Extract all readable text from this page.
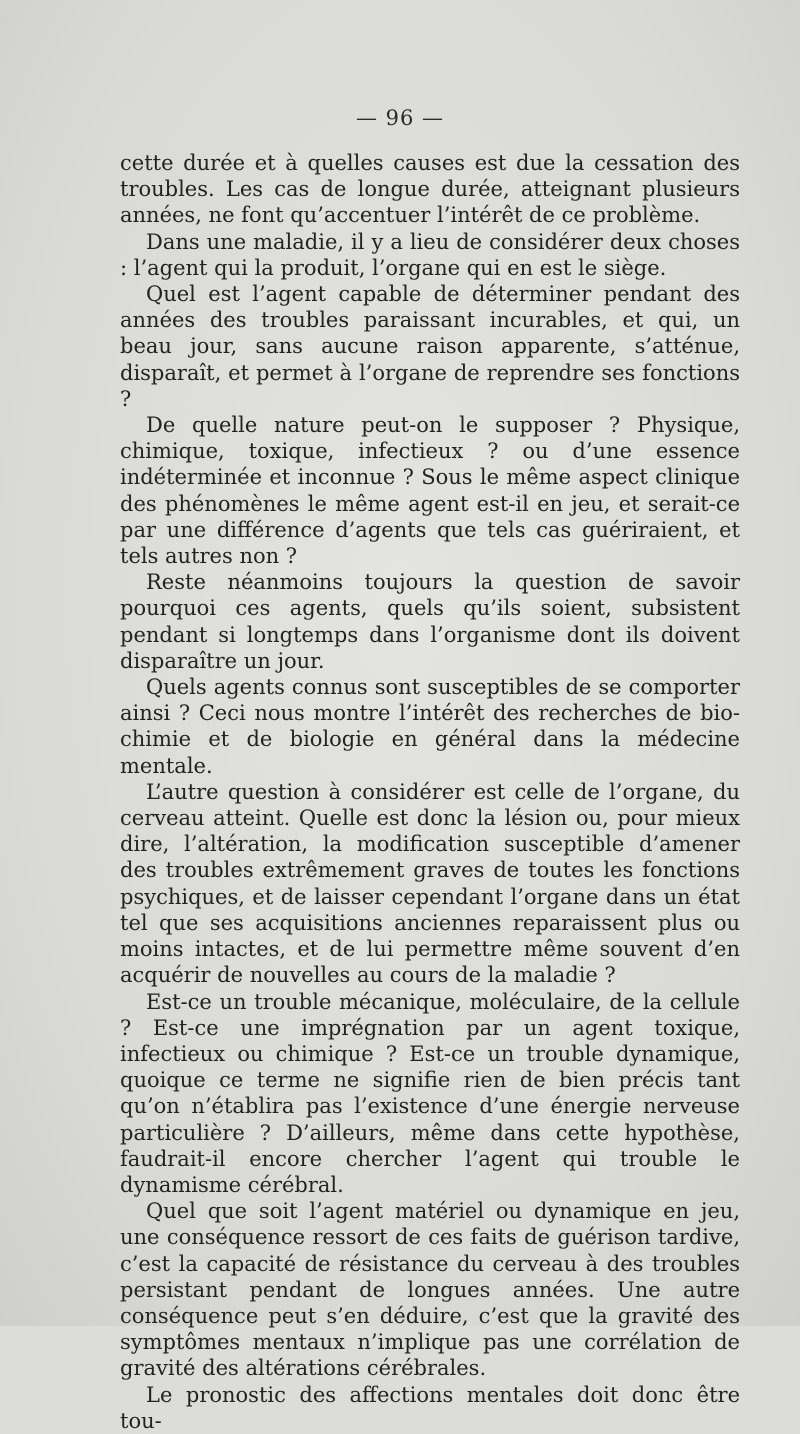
— 96 —

cette durée et à quelles causes est due la cessation des troubles. Les cas de longue durée, atteignant plusieurs années, ne font qu’accentuer l’intérêt de ce problème.

Dans une maladie, il y a lieu de considérer deux choses : l’agent qui la produit, l’organe qui en est le siège.

Quel est l’agent capable de déterminer pendant des années des troubles paraissant incurables, et qui, un beau jour, sans aucune raison apparente, s’atténue, disparaît, et permet à l’organe de reprendre ses fonctions ?

De quelle nature peut-on le supposer ? Physique, chimique, toxique, infectieux ? ou d’une essence indéterminée et inconnue ? Sous le même aspect clinique des phénomènes le même agent est-il en jeu, et serait-ce par une différence d’agents que tels cas guériraient, et tels autres non ?

Reste néanmoins toujours la question de savoir pourquoi ces agents, quels qu’ils soient, subsistent pendant si longtemps dans l’organisme dont ils doivent disparaître un jour.

Quels agents connus sont susceptibles de se comporter ainsi ? Ceci nous montre l’intérêt des recherches de bio-chimie et de biologie en général dans la médecine mentale.

L’autre question à considérer est celle de l’organe, du cerveau atteint. Quelle est donc la lésion ou, pour mieux dire, l’altération, la modification susceptible d’amener des troubles extrêmement graves de toutes les fonctions psychiques, et de laisser cependant l’organe dans un état tel que ses acquisitions anciennes reparaissent plus ou moins intactes, et de lui permettre même souvent d’en acquérir de nouvelles au cours de la maladie ?

Est-ce un trouble mécanique, moléculaire, de la cellule ? Est-ce une imprégnation par un agent toxique, infectieux ou chimique ? Est-ce un trouble dynamique, quoique ce terme ne signifie rien de bien précis tant qu’on n’établira pas l’existence d’une énergie nerveuse particulière ? D’ailleurs, même dans cette hypothèse, faudrait-il encore chercher l’agent qui trouble le dynamisme cérébral.

Quel que soit l’agent matériel ou dynamique en jeu, une conséquence ressort de ces faits de guérison tardive, c’est la capacité de résistance du cerveau à des troubles persistant pendant de longues années. Une autre conséquence peut s’en déduire, c’est que la gravité des symptômes mentaux n’implique pas une corrélation de gravité des altérations cérébrales.

Le pronostic des affections mentales doit donc être tou-
